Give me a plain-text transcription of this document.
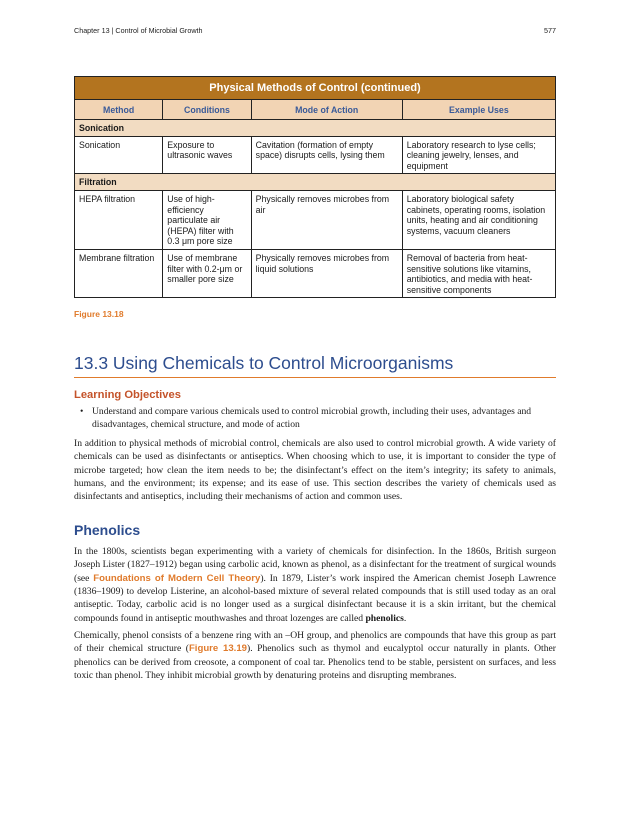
Chapter 13 | Control of Microbial Growth	577
Physical Methods of Control (continued)			
Method	Conditions	Mode of Action	Example Uses
Sonication			
Sonication	Exposure to ultrasonic waves	Cavitation (formation of empty space) disrupts cells, lysing them	Laboratory research to lyse cells; cleaning jewelry, lenses, and equipment
Filtration			
HEPA filtration	Use of high-efficiency particulate air (HEPA) filter with 0.3 μm pore size	Physically removes microbes from air	Laboratory biological safety cabinets, operating rooms, isolation units, heating and air conditioning systems, vacuum cleaners
Membrane filtration	Use of membrane filter with 0.2-μm or smaller pore size	Physically removes microbes from liquid solutions	Removal of bacteria from heat-sensitive solutions like vitamins, antibiotics, and media with heat-sensitive components
Figure 13.18
13.3 Using Chemicals to Control Microorganisms
Learning Objectives
• Understand and compare various chemicals used to control microbial growth, including their uses, advantages and disadvantages, chemical structure, and mode of action

In addition to physical methods of microbial control, chemicals are also used to control microbial growth. A wide variety of chemicals can be used as disinfectants or antiseptics. When choosing which to use, it is important to consider the type of microbe targeted; how clean the item needs to be; the disinfectant’s effect on the item’s integrity; its safety to animals, humans, and the environment; its expense; and its ease of use. This section describes the variety of chemicals used as disinfectants and antiseptics, including their mechanisms of action and common uses.

Phenolics

In the 1800s, scientists began experimenting with a variety of chemicals for disinfection. In the 1860s, British surgeon Joseph Lister (1827–1912) began using carbolic acid, known as phenol, as a disinfectant for the treatment of surgical wounds (see Foundations of Modern Cell Theory). In 1879, Lister’s work inspired the American chemist Joseph Lawrence (1836–1909) to develop Listerine, an alcohol-based mixture of several related compounds that is still used today as an oral antiseptic. Today, carbolic acid is no longer used as a surgical disinfectant because it is a skin irritant, but the chemical compounds found in antiseptic mouthwashes and throat lozenges are called phenolics.

Chemically, phenol consists of a benzene ring with an –OH group, and phenolics are compounds that have this group as part of their chemical structure (Figure 13.19). Phenolics such as thymol and eucalyptol occur naturally in plants. Other phenolics can be derived from creosote, a component of coal tar. Phenolics tend to be stable, persistent on surfaces, and less toxic than phenol. They inhibit microbial growth by denaturing proteins and disrupting membranes.
